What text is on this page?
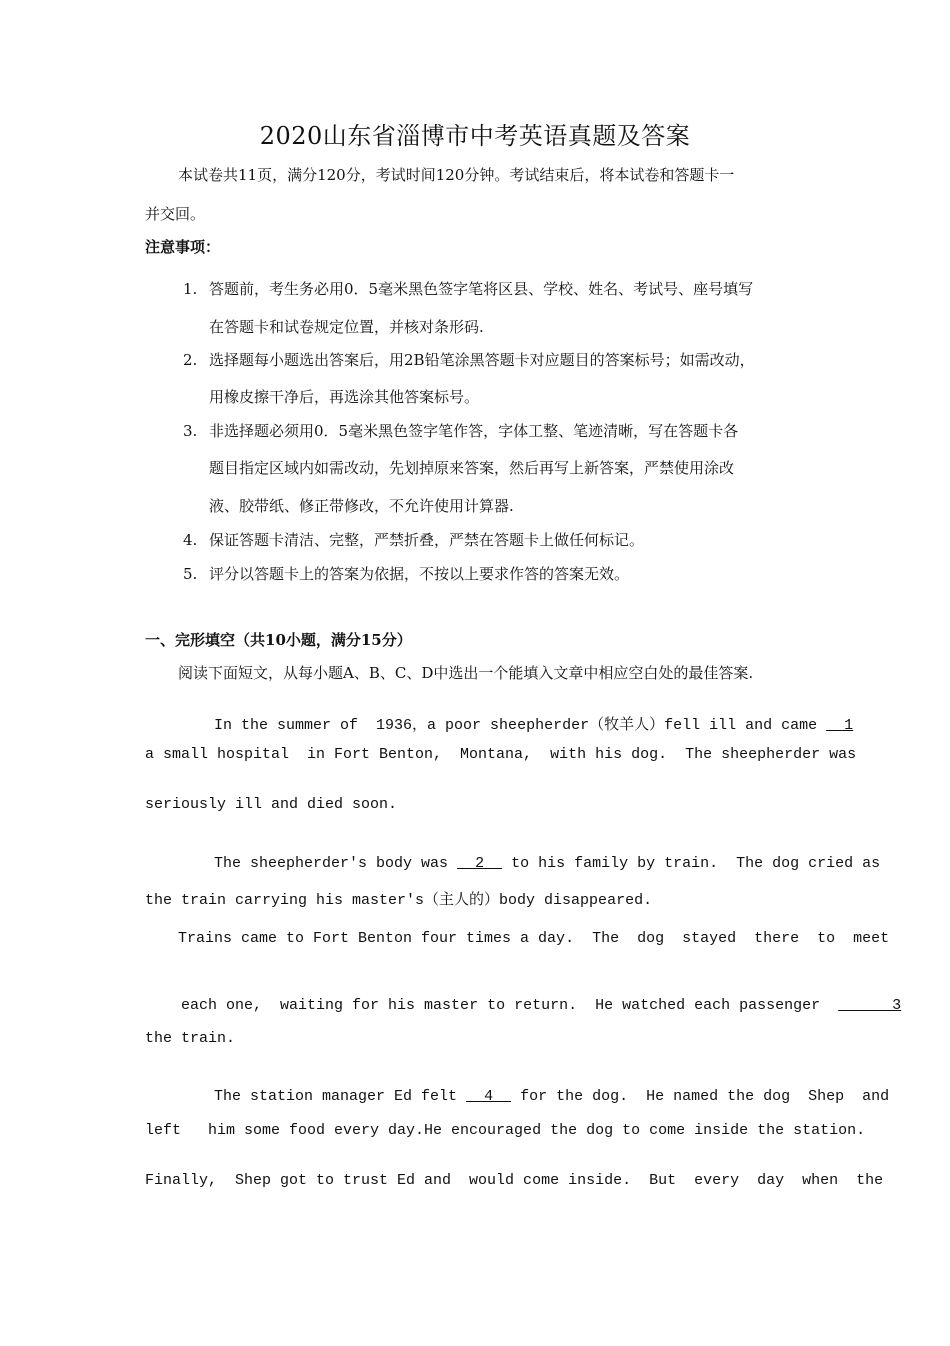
2020山东省淄博市中考英语真题及答案
本试卷共11页，满分120分，考试时间120分钟。考试结束后，将本试卷和答题卡一
并交回。
注意事项：
1. 答题前，考生务必用0．5毫米黑色签字笔将区县、学校、姓名、考试号、座号填写
在答题卡和试卷规定位置，并核对条形码.
2. 选择题每小题选出答案后，用2B铅笔涂黑答题卡对应题目的答案标号；如需改动，
用橡皮擦干净后，再选涂其他答案标号。
3. 非选择题必须用0．5毫米黑色签字笔作答，字体工整、笔迹清晰，写在答题卡各
题目指定区域内如需改动，先划掉原来答案，然后再写上新答案，严禁使用涂改
液、胶带纸、修正带修改，不允许使用计算器.
4. 保证答题卡清洁、完整，严禁折叠，严禁在答题卡上做任何标记。
5. 评分以答题卡上的答案为依据，不按以上要求作答的答案无效。
一、完形填空（共10小题，满分15分）
阅读下面短文，从每小题A、B、C、D中选出一个能填入文章中相应空白处的最佳答案.

In the summer of  1936，a poor sheepherder（牧羊人）fell ill and came   1

a small hospital  in Fort Benton,  Montana,  with his dog.  The sheepherder was
seriously ill and died soon.

The sheepherder's body was   2   to his family by train.  The dog cried as

the train carrying his master's（主人的）body disappeared.
Trains came to Fort Benton four times a day.  The  dog  stayed  there  to  meet

each one,  waiting for his master to return.  He watched each passenger        3

the train.

The station manager Ed felt   4   for the dog.  He named the dog  Shep  and

left   him some food every day.He encouraged the dog to come inside the station.
Finally,  Shep got to trust Ed and  would come inside.  But  every  day  when  the
